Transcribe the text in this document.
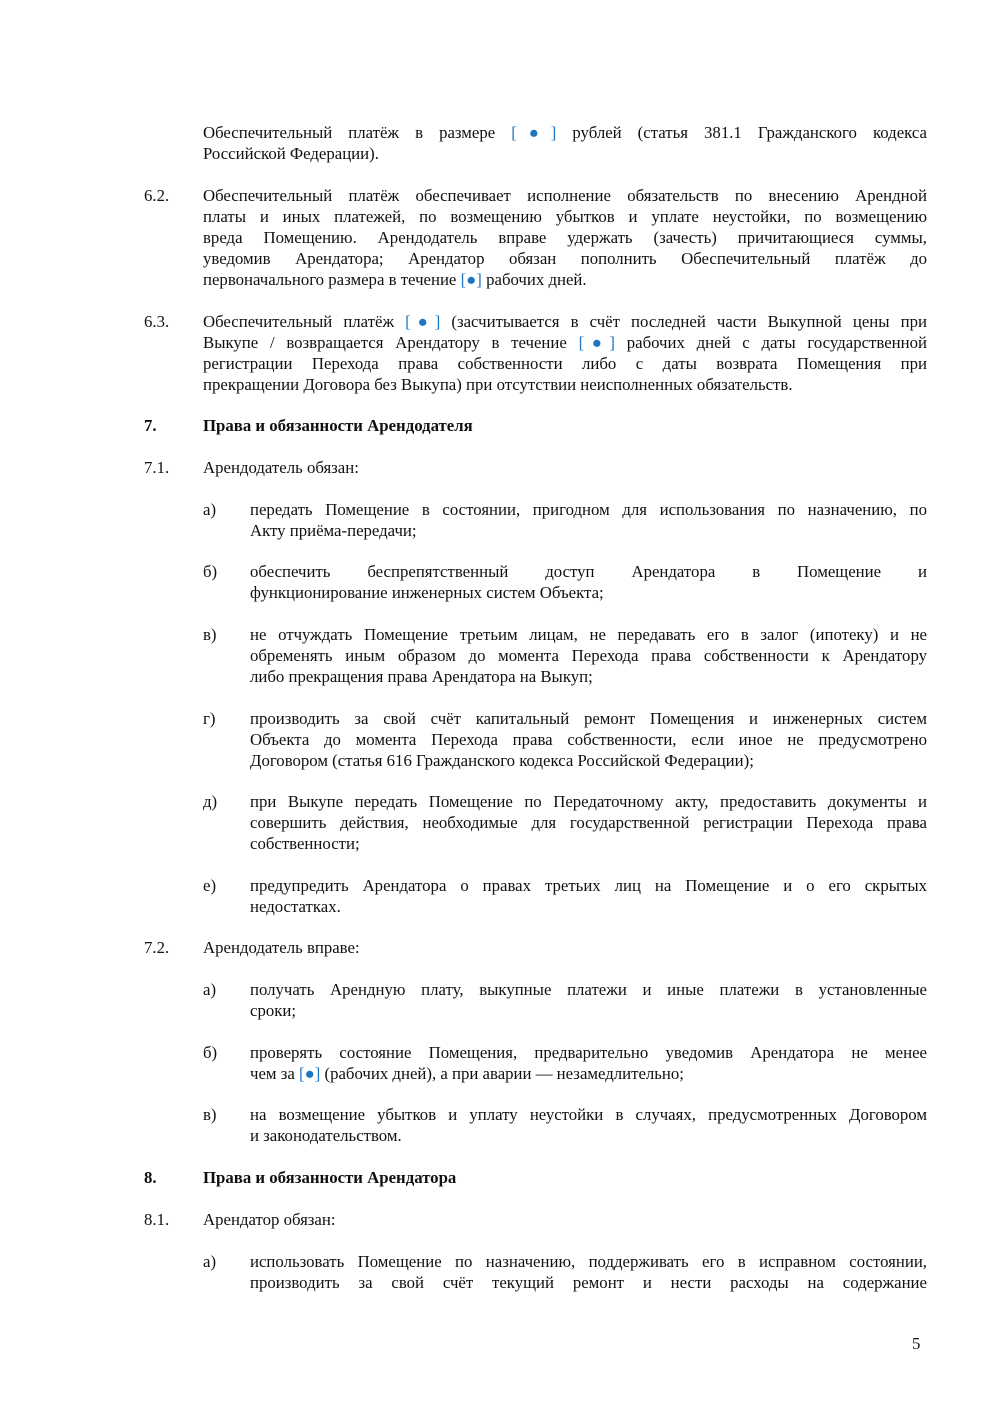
Обеспечительный платёж в размере [●] рублей (статья 381.1 Гражданского кодекса
Российской Федерации).
6.2. Обеспечительный платёж обеспечивает исполнение обязательств по внесению Арендной
платы и иных платежей, по возмещению убытков и уплате неустойки, по возмещению
вреда Помещению. Арендодатель вправе удержать (зачесть) причитающиеся суммы,
уведомив Арендатора; Арендатор обязан пополнить Обеспечительный платёж до
первоначального размера в течение [●] рабочих дней.
6.3. Обеспечительный платёж [●] (засчитывается в счёт последней части Выкупной цены при
Выкупе / возвращается Арендатору в течение [●] рабочих дней с даты государственной
регистрации Перехода права собственности либо с даты возврата Помещения при
прекращении Договора без Выкупа) при отсутствии неисполненных обязательств.
7.	Права и обязанности Арендодателя
7.1. Арендодатель обязан:
а) передать Помещение в состоянии, пригодном для использования по назначению, по
Акту приёма-передачи;
б) обеспечить беспрепятственный доступ Арендатора в Помещение и
функционирование инженерных систем Объекта;
в) не отчуждать Помещение третьим лицам, не передавать его в залог (ипотеку) и не
обременять иным образом до момента Перехода права собственности к Арендатору
либо прекращения права Арендатора на Выкуп;
г) производить за свой счёт капитальный ремонт Помещения и инженерных систем
Объекта до момента Перехода права собственности, если иное не предусмотрено
Договором (статья 616 Гражданского кодекса Российской Федерации);
д) при Выкупе передать Помещение по Передаточному акту, предоставить документы и
совершить действия, необходимые для государственной регистрации Перехода права
собственности;
е) предупредить Арендатора о правах третьих лиц на Помещение и о его скрытых
недостатках.
7.2. Арендодатель вправе:
а) получать Арендную плату, выкупные платежи и иные платежи в установленные
сроки;
б) проверять состояние Помещения, предварительно уведомив Арендатора не менее
чем за [●] (рабочих дней), а при аварии — незамедлительно;
в) на возмещение убытков и уплату неустойки в случаях, предусмотренных Договором
и законодательством.
8.	Права и обязанности Арендатора
8.1. Арендатор обязан:
а) использовать Помещение по назначению, поддерживать его в исправном состоянии,
производить за свой счёт текущий ремонт и нести расходы на содержание
5
